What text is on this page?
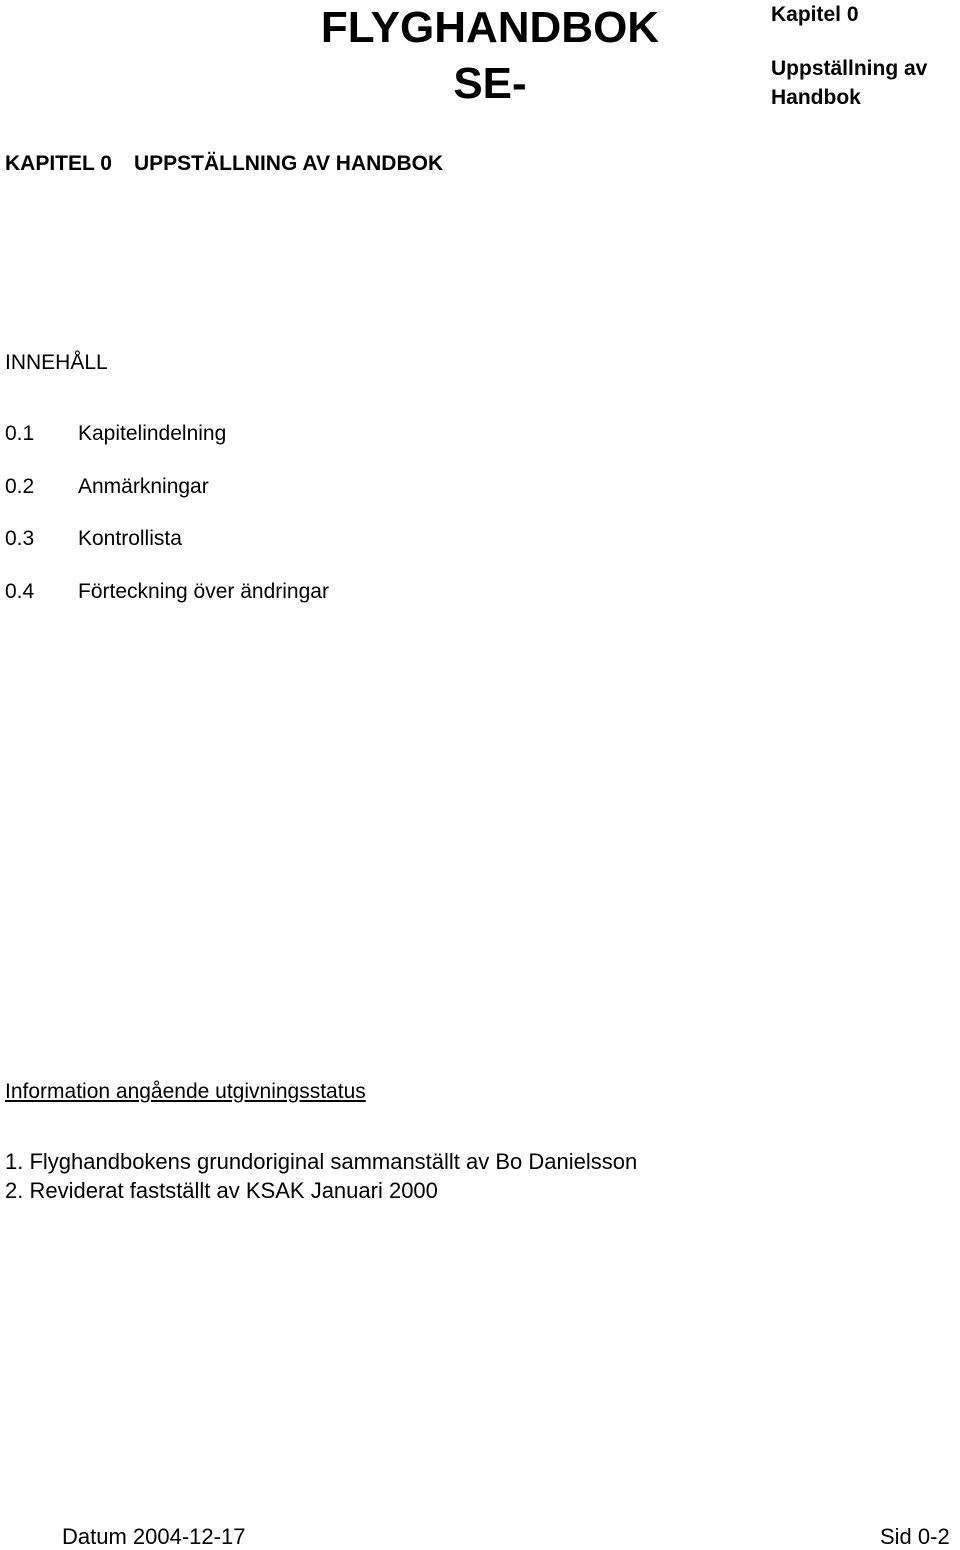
FLYGHANDBOK
SE-
Kapitel 0
Uppställning av Handbok
KAPITEL 0 UPPSTÄLLNING AV HANDBOK
INNEHÅLL
0.1 Kapitelindelning
0.2 Anmärkningar
0.3 Kontrollista
0.4 Förteckning över ändringar
Information angående utgivningsstatus
1. Flyghandbokens grundoriginal sammanställt av Bo Danielsson
2. Reviderat fastställt av KSAK Januari 2000
Datum 2004-12-17	Sid 0-2
